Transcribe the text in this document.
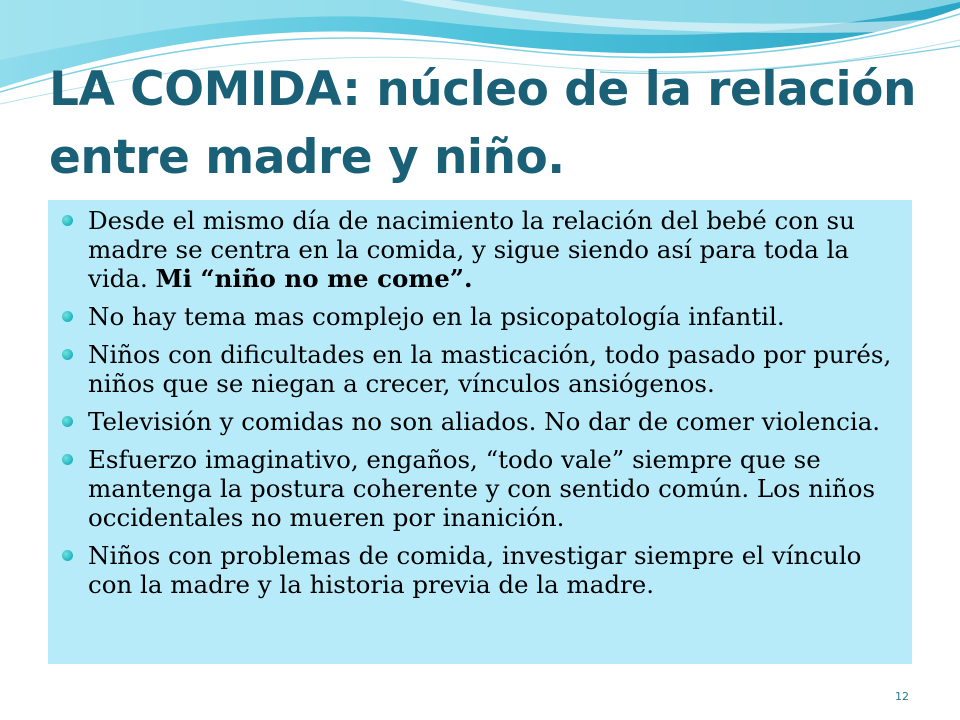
LA COMIDA: núcleo de la relación entre madre y niño.
Desde el mismo día de nacimiento la relación del bebé con su madre se centra en la comida, y sigue siendo así para toda la vida. Mi “niño no me come”.
No hay tema mas complejo en la psicopatología infantil.
Niños con dificultades en la masticación, todo pasado por purés, niños que se niegan a crecer, vínculos ansiógenos.
Televisión y comidas no son aliados. No dar de comer violencia.
Esfuerzo imaginativo, engaños, “todo vale” siempre que se mantenga la postura coherente y con sentido común. Los niños occidentales no mueren por inanición.
Niños con problemas de comida, investigar siempre el vínculo con la madre y la historia previa de la madre.
12
